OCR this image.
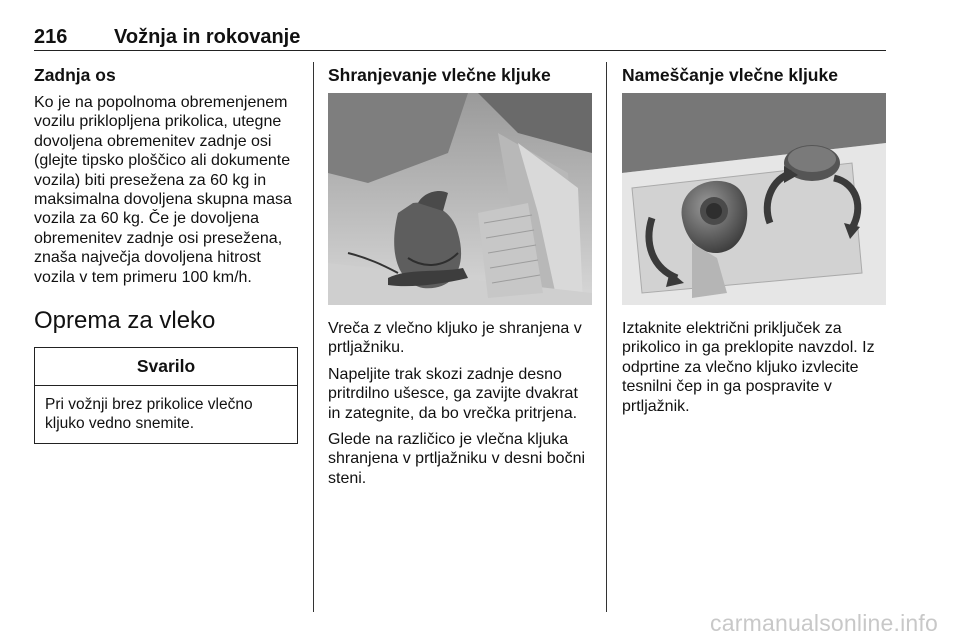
216 Vožnja in rokovanje
Zadnja os
Ko je na popolnoma obremenjenem vozilu priklopljena prikolica, utegne dovoljena obremenitev zadnje osi (glejte tipsko ploščico ali dokumente vozila) biti presežena za 60 kg in maksimalna dovoljena skupna masa vozila za 60 kg. Če je dovoljena obremenitev zadnje osi presežena, znaša največja dovoljena hitrost vozila v tem primeru 100 km/h.
Oprema za vleko
Svarilo
Pri vožnji brez prikolice vlečno kljuko vedno snemite.
Shranjevanje vlečne kljuke
Vreča z vlečno kljuko je shranjena v prtljažniku.
Napeljite trak skozi zadnje desno pritrdilno ušesce, ga zavijte dvakrat in zategnite, da bo vrečka pritrjena.
Glede na različico je vlečna kljuka shranjena v prtljažniku v desni bočni steni.
Nameščanje vlečne kljuke
Iztaknite električni priključek za prikolico in ga preklopite navzdol. Iz odprtine za vlečno kljuko izvlecite tesnilni čep in ga pospravite v prtljažnik.
carmanualsonline.info
